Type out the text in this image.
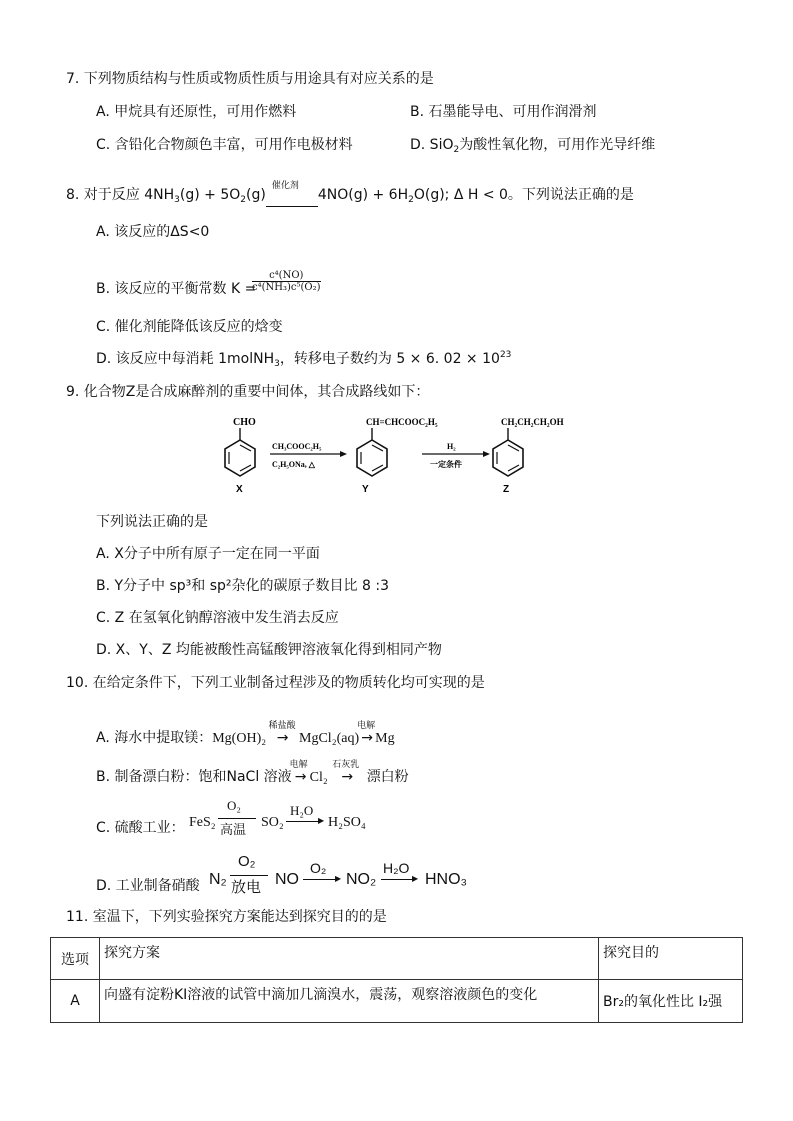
7. 下列物质结构与性质或物质性质与用途具有对应关系的是
A. 甲烷具有还原性，可用作燃料	B. 石墨能导电、可用作润滑剂
C. 含铅化合物颜色丰富，可用作电极材料	D. SiO$_2$为酸性氧化物，可用作光导纤维
8. 对于反应 $4NH_3(g) + 5O_2(g)$
催化剂
$4NO(g) + 6H_2O(g)$; Δ H < 0。下列说法正确的是
A. 该反应的ΔS<0
B. 该反应的平衡常数 K =
$\frac{\text{c⁴(NO)}}{\text{c⁴(NH₃)c⁵(O₂)}}$
C. 催化剂能降低该反应的焓变
D. 该反应中每消耗 1molNH$_3$，转移电子数约为 5 × 6. $02 \times 10^{23}$
9. 化合物Z是合成麻醉剂的重要中间体，其合成路线如下：
CHO
X
CH₃COOC₂H₅
C₂H₅ONa, △
CH=CHCOOC₂H₅
Y
H₂
一定条件
CH₂CH₂CH₂OH
Z
下列说法正确的是
A. X分子中所有原子一定在同一平面
B. Y分子中 sp³和 sp²杂化的碳原子数目比 8 :3
C. Z 在氢氧化钠醇溶液中发生消去反应
D. X、Y、Z 均能被酸性高锰酸钾溶液氧化得到相同产物
10. 在给定条件下，下列工业制备过程涉及的物质转化均可实现的是
A. 海水中提取镁：Mg(OH)₂
稀盐酸
→ MgCl₂(aq)
电解
→ Mg
B. 制备漂白粉：饱和NaCl 溶液
电解
→ Cl₂
石灰乳
→ 漂白粉
C. 硫酸工业： FeS₂
O₂
高温
SO₂
H₂O
▶ H₂SO₄
D. 工业制备硝酸 N₂
O₂
放电 NO
O₂
▶ NO₂
H₂O
▶ HNO₃
11. 室温下，下列实验探究方案能达到探究目的的是
选项	探究方案	探究目的
A	向盛有淀粉KI溶液的试管中滴加几滴溴水，震荡，观察溶液颜色的变化	Br₂的氧化性比 I₂强
